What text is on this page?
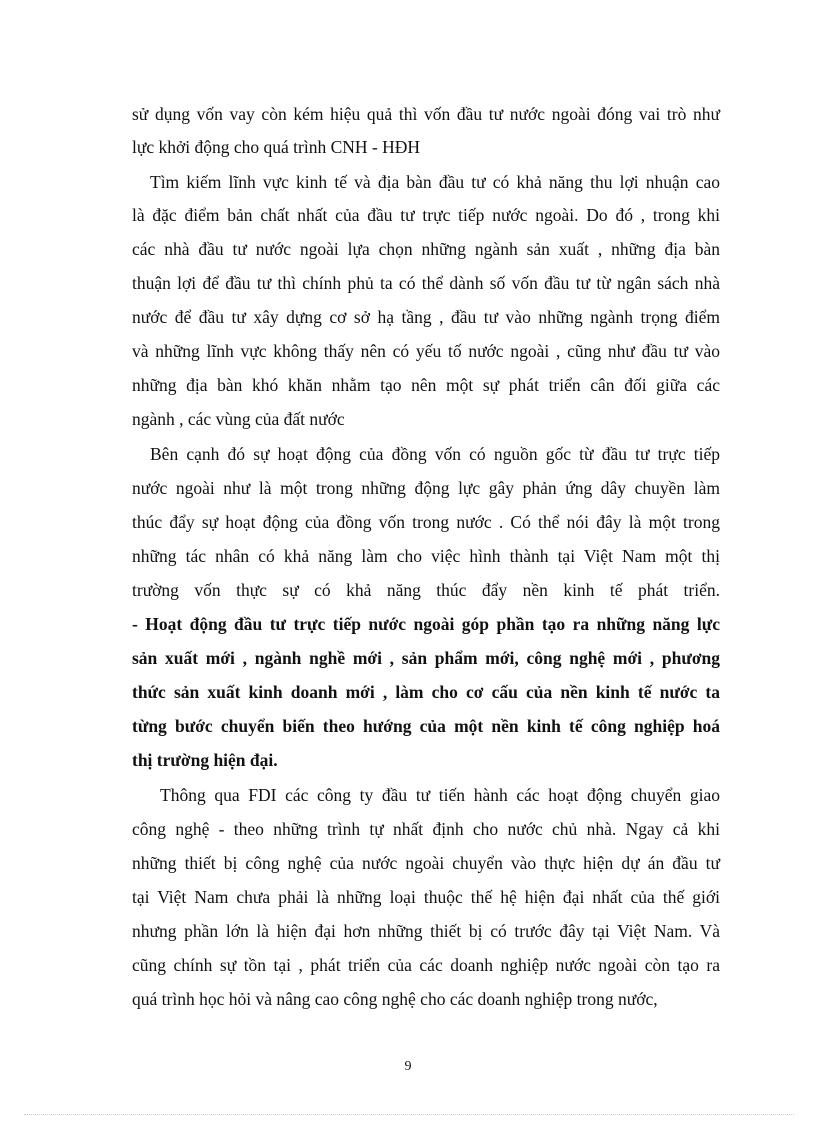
sử dụng vốn vay còn kém hiệu quả thì vốn đầu tư nước ngoài đóng vai trò như
lực khởi động cho quá trình CNH - HĐH
Tìm kiếm lĩnh vực kinh tế và địa bàn đầu tư có khả năng thu lợi nhuận cao
là đặc điểm bản chất nhất của đầu tư trực tiếp nước ngoài. Do đó , trong khi
các nhà đầu tư nước ngoài lựa chọn những ngành sản xuất , những địa bàn
thuận lợi để đầu tư thì chính phủ ta có thể dành số vốn đầu tư từ ngân sách nhà
nước để đầu tư xây dựng cơ sở hạ tầng , đầu tư vào những ngành trọng điểm
và những lĩnh vực không thấy nên có yếu tố nước ngoài , cũng như đầu tư vào
những địa bàn khó khăn nhằm tạo nên một sự phát triển cân đối giữa các
ngành , các vùng của đất nước
Bên cạnh đó sự hoạt động của đồng vốn có nguồn gốc từ đầu tư trực tiếp
nước ngoài như là một trong những động lực gây phản ứng dây chuyền làm
thúc đẩy sự hoạt động của đồng vốn trong nước . Có thể nói đây là một trong
những tác nhân có khả năng làm cho việc hình thành tại Việt Nam một thị
trường vốn thực sự có khả năng thúc đẩy nền kinh tế phát triển.
- Hoạt động đầu tư trực tiếp nước ngoài góp phần tạo ra những năng lực
sản xuất mới , ngành nghề mới , sản phẩm mới, công nghệ mới , phương
thức sản xuất kinh doanh mới , làm cho cơ cấu của nền kinh tế nước ta
từng bước chuyển biến theo hướng của một nền kinh tế công nghiệp hoá
thị trường hiện đại.
Thông qua FDI các công ty đầu tư tiến hành các hoạt động chuyển giao
công nghệ - theo những trình tự nhất định cho nước chủ nhà. Ngay cả khi
những thiết bị công nghệ của nước ngoài chuyển vào thực hiện dự án đầu tư
tại Việt Nam chưa phải là những loại thuộc thế hệ hiện đại nhất của thế giới
nhưng phần lớn là hiện đại hơn những thiết bị có trước đây tại Việt Nam. Và
cũng chính sự tồn tại , phát triển của các doanh nghiệp nước ngoài còn tạo ra
quá trình học hỏi và nâng cao công nghệ cho các doanh nghiệp trong nước,
9
